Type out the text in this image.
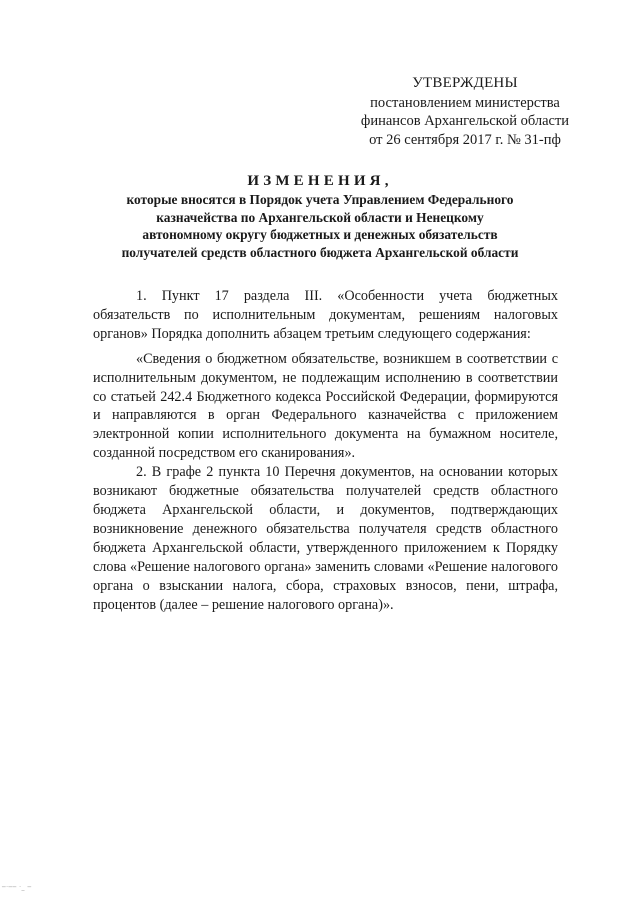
УТВЕРЖДЕНЫ
постановлением министерства
финансов Архангельской области
от 26 сентября 2017 г. № 31-пф
ИЗМЕНЕНИЯ,
которые вносятся в Порядок учета Управлением Федерального казначейства по Архангельской области и Ненецкому автономному округу бюджетных и денежных обязательств получателей средств областного бюджета Архангельской области

1. Пункт 17 раздела III. «Особенности учета бюджетных обязательств по исполнительным документам, решениям налоговых органов» Порядка дополнить абзацем третьим следующего содержания:

«Сведения о бюджетном обязательстве, возникшем в соответствии с исполнительным документом, не подлежащим исполнению в соответствии со статьей 242.4 Бюджетного кодекса Российской Федерации, формируются и направляются в орган Федерального казначейства с приложением электронной копии исполнительного документа на бумажном носителе, созданной посредством его сканирования».

2. В графе 2 пункта 10 Перечня документов, на основании которых возникают бюджетные обязательства получателей средств областного бюджета Архангельской области, и документов, подтверждающих возникновение денежного обязательства получателя средств областного бюджета Архангельской области, утвержденного приложением к Порядку слова «Решение налогового органа» заменить словами «Решение налогового органа о взыскании налога, сбора, страховых взносов, пени, штрафа, процентов (далее – решение налогового органа)».

─·── ·_ ─
